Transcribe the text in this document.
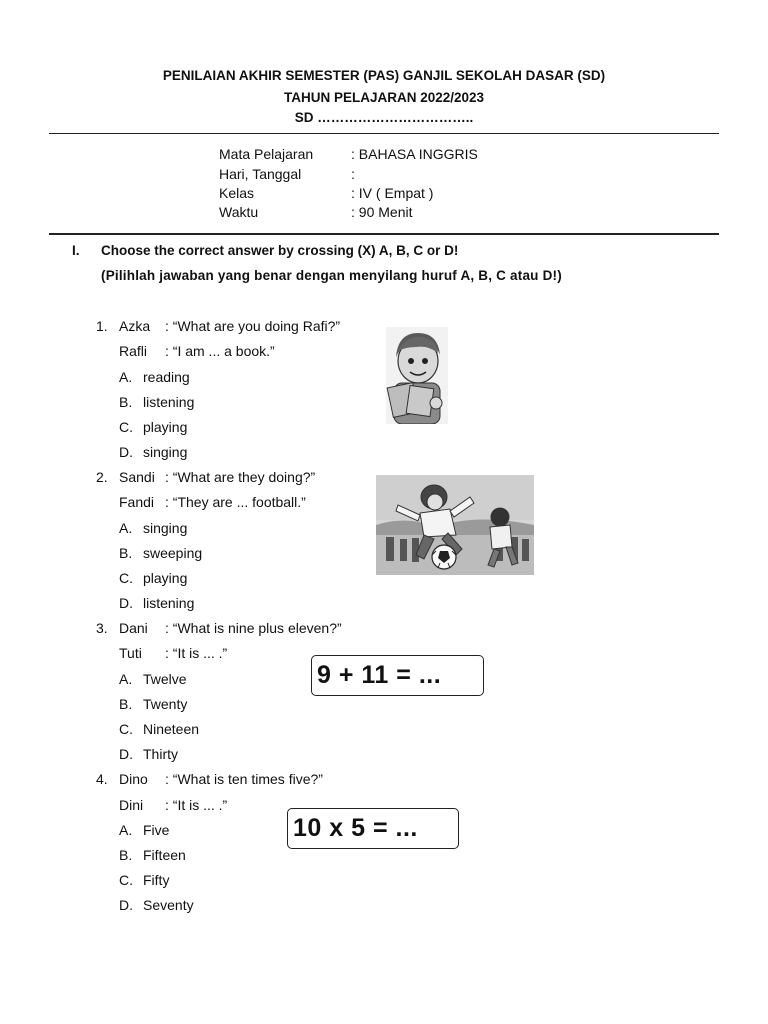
PENILAIAN AKHIR SEMESTER (PAS) GANJIL SEKOLAH DASAR (SD)
TAHUN PELAJARAN 2022/2023
SD ……………………………..
Mata Pelajaran	: BAHASA INGGRIS
Hari, Tanggal	:
Kelas	: IV ( Empat )
Waktu	: 90 Menit
I. Choose the correct answer by crossing (X) A, B, C or D!
(Pilihlah jawaban yang benar dengan menyilang huruf A, B, C atau D!)
1. Azka : “What are you doing Rafi?”
Rafli : “I am ... a book.”
A. reading
B. listening
C. playing
D. singing
2. Sandi : “What are they doing?”
Fandi : “They are ... football.”
A. singing
B. sweeping
C. playing
D. listening
3. Dani : “What is nine plus eleven?”
Tuti : “It is ... .”
A. Twelve
B. Twenty
C. Nineteen
D. Thirty
9 + 11 = ...
4. Dino : “What is ten times five?”
Dini : “It is ... .”
A. Five
B. Fifteen
C. Fifty
D. Seventy
10 x 5 = ...
